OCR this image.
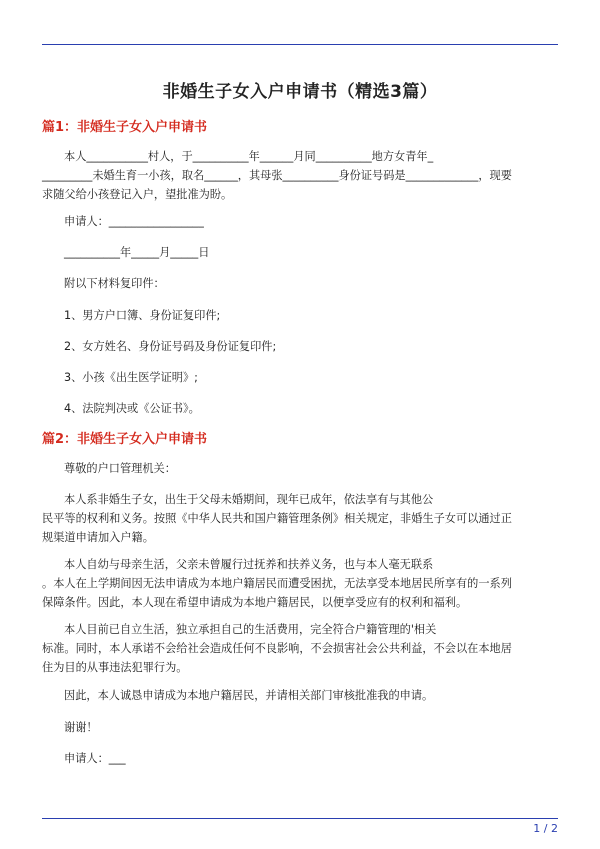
非婚生子女入户申请书（精选3篇）
篇1：非婚生子女入户申请书
本人___________村人，于__________年______月同__________地方女青年_
_________未婚生育一小孩，取名______，其母张__________身份证号码是_____________，现要
求随父给小孩登记入户，望批准为盼。
申请人：_________________
__________年_____月_____日
附以下材料复印件：
1、男方户口簿、身份证复印件;
2、女方姓名、身份证号码及身份证复印件;
3、小孩《出生医学证明》;
4、法院判决或《公证书》。
篇2：非婚生子女入户申请书
尊敬的户口管理机关：
本人系非婚生子女，出生于父母未婚期间，现年已成年，依法享有与其他公
民平等的权利和义务。按照《中华人民共和国户籍管理条例》相关规定，非婚生子女可以通过正
规渠道申请加入户籍。
本人自幼与母亲生活，父亲未曾履行过抚养和扶养义务，也与本人毫无联系
。本人在上学期间因无法申请成为本地户籍居民而遭受困扰，无法享受本地居民所享有的一系列
保障条件。因此，本人现在希望申请成为本地户籍居民，以便享受应有的权利和福利。
本人目前已自立生活，独立承担自己的生活费用，完全符合户籍管理的'相关
标准。同时，本人承诺不会给社会造成任何不良影响，不会损害社会公共利益，不会以在本地居
住为目的从事违法犯罪行为。
因此，本人诚恳申请成为本地户籍居民，并请相关部门审核批准我的申请。
谢谢！
申请人：___
1 / 2
